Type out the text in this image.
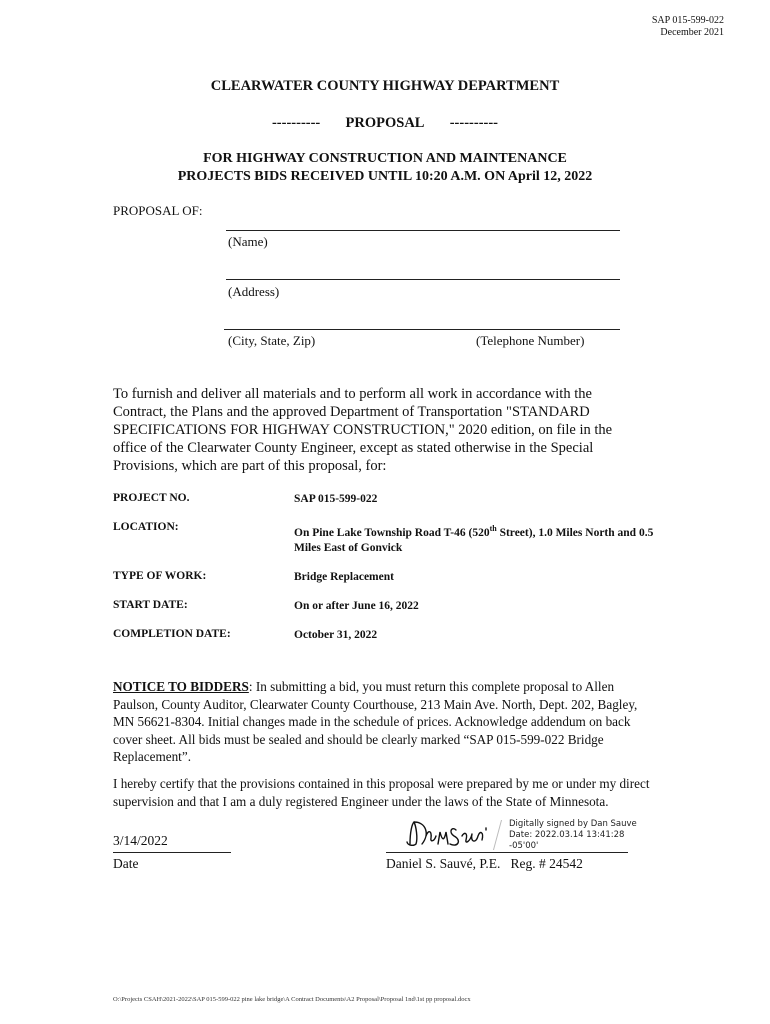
SAP 015-599-022
December 2021
CLEARWATER COUNTY HIGHWAY DEPARTMENT
---------- PROPOSAL ----------
FOR HIGHWAY CONSTRUCTION AND MAINTENANCE
PROJECTS BIDS RECEIVED UNTIL 10:20 A.M. ON April 12, 2022
PROPOSAL OF:
(Name)
(Address)
(City, State, Zip)	(Telephone Number)
To furnish and deliver all materials and to perform all work in accordance with the Contract, the Plans and the approved Department of Transportation "STANDARD SPECIFICATIONS FOR HIGHWAY CONSTRUCTION," 2020 edition, on file in the office of the Clearwater County Engineer, except as stated otherwise in the Special Provisions, which are part of this proposal, for:
PROJECT NO.	SAP 015-599-022
LOCATION:	On Pine Lake Township Road T-46 (520th Street), 1.0 Miles North and 0.5 Miles East of Gonvick
TYPE OF WORK:	Bridge Replacement
START DATE:	On or after June 16, 2022
COMPLETION DATE:	October 31, 2022
NOTICE TO BIDDERS: In submitting a bid, you must return this complete proposal to Allen Paulson, County Auditor, Clearwater County Courthouse, 213 Main Ave. North, Dept. 202, Bagley, MN 56621-8304. Initial changes made in the schedule of prices. Acknowledge addendum on back cover sheet. All bids must be sealed and should be clearly marked “SAP 015-599-022 Bridge Replacement”.
I hereby certify that the provisions contained in this proposal were prepared by me or under my direct supervision and that I am a duly registered Engineer under the laws of the State of Minnesota.
3/14/2022
Date
Digitally signed by Dan Sauve
Date: 2022.03.14 13:41:28
-05'00'
Daniel S. Sauvé, P.E.   Reg. # 24542
O:\Projects CSAH\2021-2022\SAP 015-599-022 pine lake bridge\A Contract Documents\A2 Proposal\Proposal 1nd\1st pp proposal.docx
